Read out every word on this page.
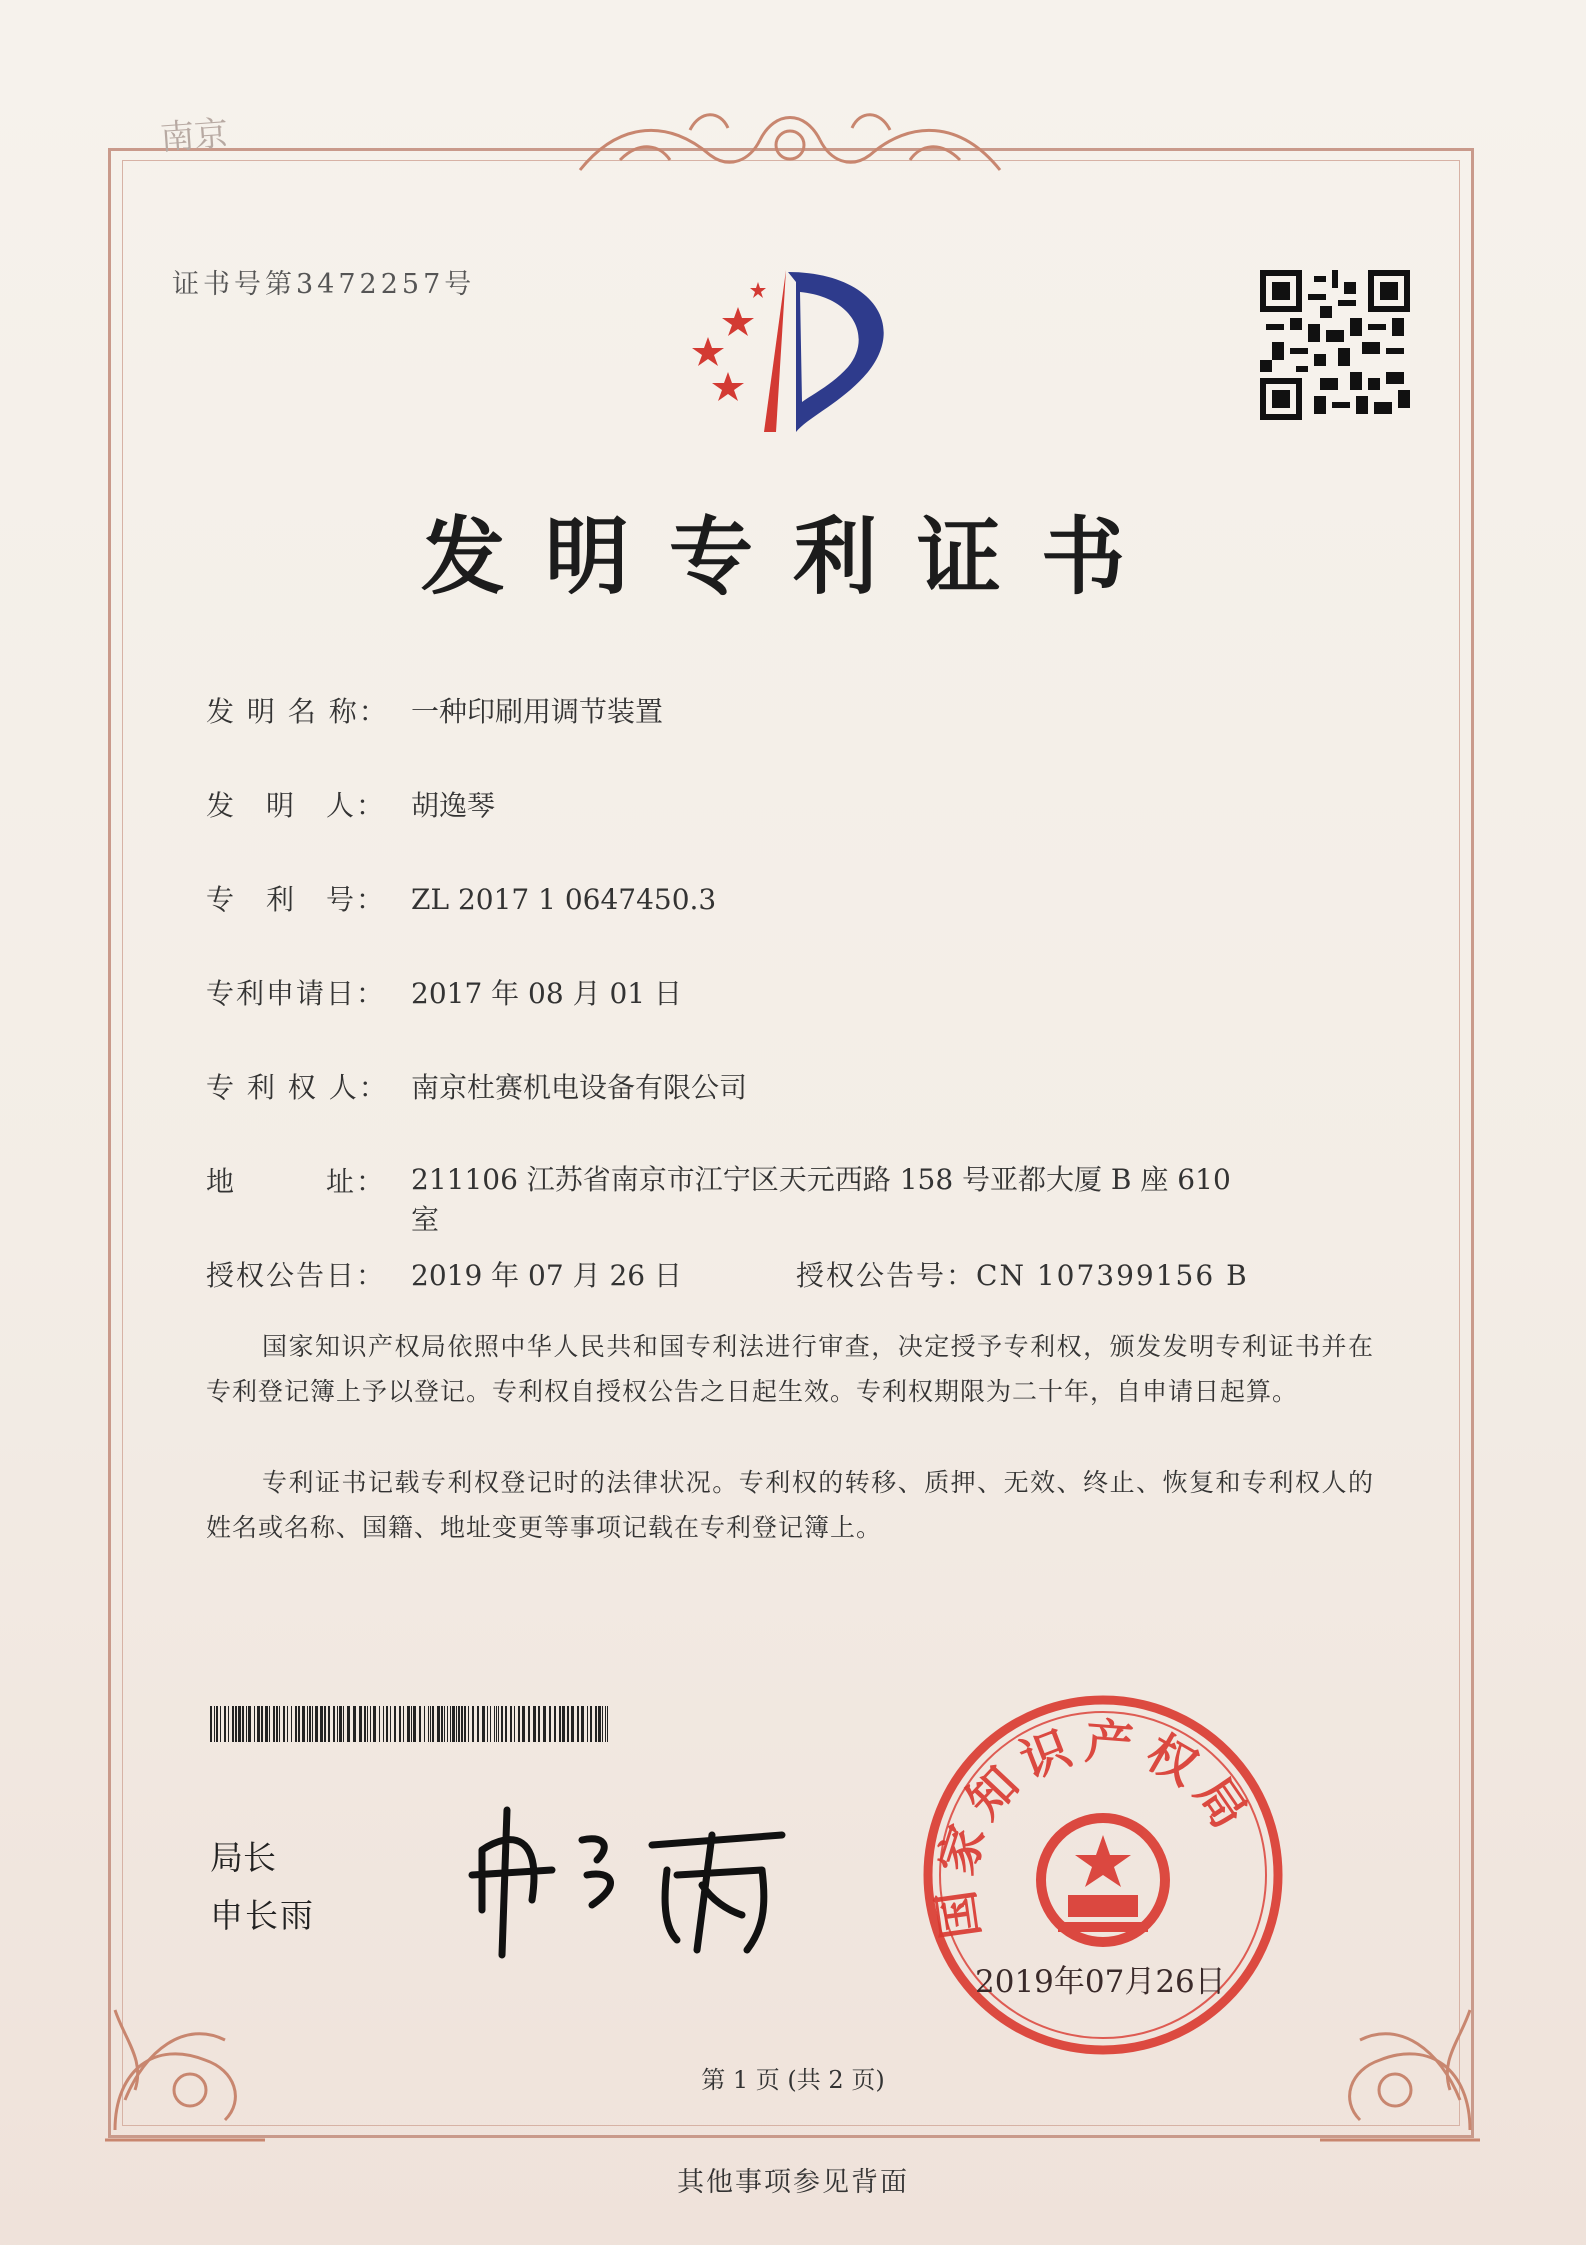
南京
证书号第3472257号
发明专利证书
发 明 名 称： 一种印刷用调节装置
发　明　人： 胡逸琴
专　利　号： ZL 2017 1 0647450.3
专利申请日： 2017 年 08 月 01 日
专 利 权 人： 南京杜赛机电设备有限公司
地　　　址： 211106 江苏省南京市江宁区天元西路 158 号亚都大厦 B 座 610 室
授权公告日： 2019 年 07 月 26 日	授权公告号：CN 107399156 B
国家知识产权局依照中华人民共和国专利法进行审查，决定授予专利权，颁发发明专利证书并在专利登记簿上予以登记。专利权自授权公告之日起生效。专利权期限为二十年，自申请日起算。
专利证书记载专利权登记时的法律状况。专利权的转移、质押、无效、终止、恢复和专利权人的姓名或名称、国籍、地址变更等事项记载在专利登记簿上。
局长
申长雨	国家知识产权局
2019年07月26日
第 1 页 (共 2 页)
其他事项参见背面
